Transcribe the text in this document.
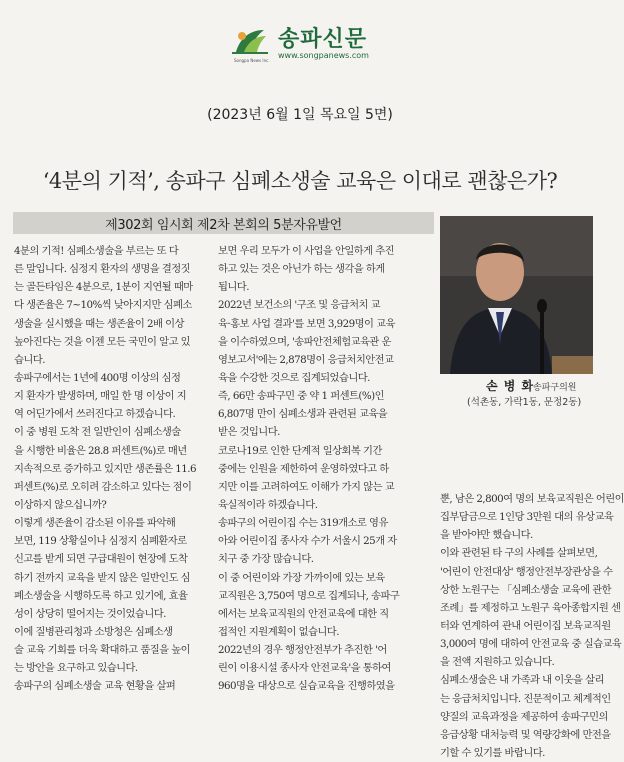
송파신문
www.songpanews.com
Songpa News Inc.
(2023년 6월 1일 목요일 5면)
‘4분의 기적’, 송파구 심폐소생술 교육은 이대로 괜찮은가?
제302회 임시회 제2차 본회의 5분자유발언
4분의 기적! 심폐소생술을 부르는 또 다
른 말입니다. 심정지 환자의 생명을 결정짓
는 골든타임은 4분으로, 1분이 지연될 때마
다 생존율은 7~10%씩 낮아지지만 심폐소
생술을 실시했을 때는 생존율이 2배 이상
높아진다는 것을 이젠 모든 국민이 알고 있
습니다.
송파구에서는 1년에 400명 이상의 심정
지 환자가 발생하며, 매일 한 명 이상이 지
역 어딘가에서 쓰러진다고 하겠습니다.
이 중 병원 도착 전 일반인이 심폐소생술
을 시행한 비율은 28.8 퍼센트(%)로 매년
지속적으로 증가하고 있지만 생존률은 11.6
퍼센트(%)로 오히려 감소하고 있다는 점이
이상하지 않으십니까?
이렇게 생존율이 감소된 이유를 파악해
보면, 119 상황실이나 심정지 심폐환자로
신고를 받게 되면 구급대원이 현장에 도착
하기 전까지 교육을 받지 않은 일반인도 심
폐소생술을 시행하도록 하고 있기에, 효율
성이 상당히 떨어지는 것이었습니다.
이에 질병관리청과 소방청은 심폐소생
술 교육 기회를 더욱 확대하고 품질을 높이
는 방안을 요구하고 있습니다.
송파구의 심폐소생술 교육 현황을 살펴
보면 우리 모두가 이 사업을 안일하게 추진
하고 있는 것은 아닌가 하는 생각을 하게
됩니다.
2022년 보건소의 '구조 및 응급처치 교
육·홍보 사업 결과'를 보면 3,929명이 교육
을 이수하였으며, '송파안전체험교육관 운
영보고서'에는 2,878명이 응급처치안전교
육을 수강한 것으로 집계되었습니다.
즉, 66만 송파구민 중 약 1 퍼센트(%)인
6,807명 만이 심폐소생과 관련된 교육을
받은 것입니다.
코로나19로 인한 단계적 일상회복 기간
중에는 인원을 제한하여 운영하였다고 하
지만 이를 고려하여도 이해가 가지 않는 교
육실적이라 하겠습니다.
송파구의 어린이집 수는 319개소로 영유
아와 어린이집 종사자 수가 서울시 25개 자
치구 중 가장 많습니다.
이 중 어린이와 가장 가까이에 있는 보육
교직원은 3,750여 명으로 집계되나, 송파구
에서는 보육교직원의 안전교육에 대한 직
접적인 지원계획이 없습니다.
2022년의 경우 행정안전부가 추진한 '어
린이 이용시설 종사자 안전교육'을 통하여
960명을 대상으로 실습교육을 진행하였을
손 병 화
송파구의원
(석촌동, 가락1동, 문정2동)
뿐, 남은 2,800여 명의 보육교직원은 어린이
집부담금으로 1인당 3만원 대의 유상교육
을 받아야만 했습니다.
이와 관련된 타 구의 사례를 살펴보면,
'어린이 안전대상' 행정안전부장관상을 수
상한 노원구는 「심폐소생술 교육에 관한
조례」를 제정하고 노원구 육아종합지원 센
터와 연계하여 관내 어린이집 보육교직원
3,000여 명에 대하여 안전교육 중 실습교육
을 전액 지원하고 있습니다.
심폐소생술은 내 가족과 내 이웃을 살리
는 응급처치입니다. 진문적이고 체계적인
양질의 교육과정을 제공하여 송파구민의
응급상황 대처능력 및 역량강화에 만전을
기할 수 있기를 바랍니다.
